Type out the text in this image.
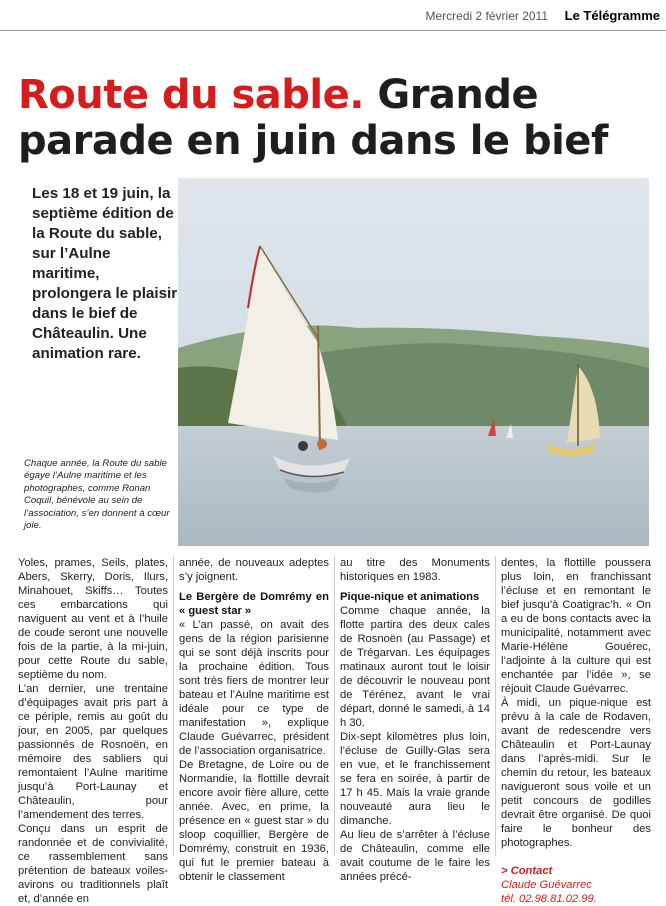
Mercredi 2 février 2011 Le Télégramme
Route du sable. Grande parade en juin dans le bief
Les 18 et 19 juin, la septième édition de la Route du sable, sur l’Aulne maritime, prolongera le plaisir dans le bief de Châteaulin. Une animation rare.
Chaque année, la Route du sable égaye l’Aulne maritime et les photographes, comme Ronan Coquil, bénévole au sein de l’association, s’en donnent à cœur joie.

Yoles, prames, Seils, plates, Abers, Skerry, Doris, Ilurs, Minahouet, Skiffs… Toutes ces embarcations qui naviguent au vent et à l’huile de coude seront une nouvelle fois de la partie, à la mi-juin, pour cette Route du sable, septième du nom.

L’an dernier, une trentaine d’équipages avait pris part à ce périple, remis au goût du jour, en 2005, par quelques passionnés de Rosnoën, en mémoire des sabliers qui remontaient l’Aulne maritime jusqu’à Port-Launay et Châteaulin, pour l’amendement des terres.

Conçu dans un esprit de randonnée et de convivialité, ce rassemblement sans prétention de bateaux voiles-avirons ou traditionnels plaît et, d’année en

année, de nouveaux adeptes s’y joignent.

Le Bergère de Domrémy en « guest star »

« L’an passé, on avait des gens de la région parisienne qui se sont déjà inscrits pour la prochaine édition. Tous sont très fiers de montrer leur bateau et l’Aulne maritime est idéale pour ce type de manifestation », explique Claude Guévarrec, président de l’association organisatrice.

De Bretagne, de Loire ou de Normandie, la flottille devrait encore avoir fière allure, cette année. Avec, en prime, la présence en « guest star » du sloop coquillier, Bergère de Domrémy, construit en 1936, qui fut le premier bateau à obtenir le classement

au titre des Monuments historiques en 1983.

Pique-nique et animations

Comme chaque année, la flotte partira des deux cales de Rosnoën (au Passage) et de Trégarvan. Les équipages matinaux auront tout le loisir de découvrir le nouveau pont de Térénez, avant le vrai départ, donné le samedi, à 14 h 30.

Dix-sept kilomètres plus loin, l’écluse de Guilly-Glas sera en vue, et le franchissement se fera en soirée, à partir de 17 h 45. Mais la vraie grande nouveauté aura lieu le dimanche.

Au lieu de s’arrêter à l’écluse de Châteaulin, comme elle avait coutume de le faire les années précé-

dentes, la flottille poussera plus loin, en franchissant l’écluse et en remontant le bief jusqu’à Coatigrac’h. « On a eu de bons contacts avec la municipalité, notamment avec Marie-Hélène Gouérec, l’adjointe à la culture qui est enchantée par l’idée », se réjouit Claude Guévarrec.

À midi, un pique-nique est prévu à la cale de Rodaven, avant de redescendre vers Châteaulin et Port-Launay dans l’après-midi. Sur le chemin du retour, les bateaux navigueront sous voile et un petit concours de godilles devrait être organisé. De quoi faire le bonheur des photographes.

> Contact

Claude Guévarrec

tél. 02.98.81.02.99.
